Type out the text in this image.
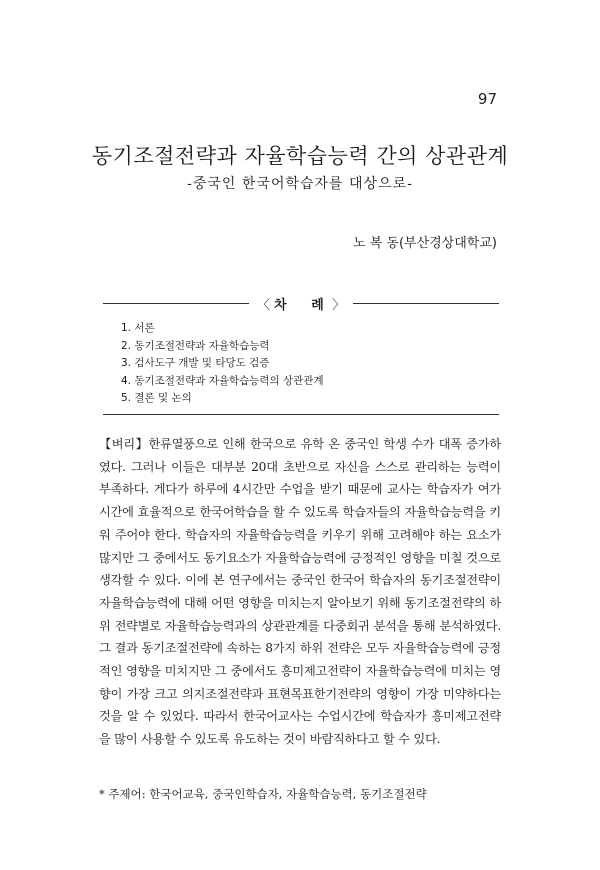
97
동기조절전략과 자율학습능력 간의 상관관계
-중국인 한국어학습자를 대상으로-
노 복 동(부산경상대학교)
〈 차 례 〉
1. 서론
2. 동기조절전략과 자율학습능력
3. 검사도구 개발 및 타당도 검증
4. 동기조절전략과 자율학습능력의 상관관계
5. 결론 및 논의

【벼리】한류열풍으로 인해 한국으로 유학 온 중국인 학생 수가 대폭 증가하였다. 그러나 이들은 대부분 20대 초반으로 자신을 스스로 관리하는 능력이 부족하다. 게다가 하루에 4시간만 수업을 받기 때문에 교사는 학습자가 여가시간에 효율적으로 한국어학습을 할 수 있도록 학습자들의 자율학습능력을 키워 주어야 한다. 학습자의 자율학습능력을 키우기 위해 고려해야 하는 요소가 많지만 그 중에서도 동기요소가 자율학습능력에 긍정적인 영향을 미칠 것으로 생각할 수 있다. 이에 본 연구에서는 중국인 한국어 학습자의 동기조절전략이 자율학습능력에 대해 어떤 영향을 미치는지 알아보기 위해 동기조절전략의 하위 전략별로 자율학습능력과의 상관관계를 다중회귀 분석을 통해 분석하였다. 그 결과 동기조절전략에 속하는 8가지 하위 전략은 모두 자율학습능력에 긍정적인 영향을 미치지만 그 중에서도 흥미제고전략이 자율학습능력에 미치는 영향이 가장 크고 의지조절전략과 표현목표한기전략의 영향이 가장 미약하다는 것을 알 수 있었다. 따라서 한국어교사는 수업시간에 학습자가 흥미제고전략을 많이 사용할 수 있도록 유도하는 것이 바람직하다고 할 수 있다.

* 주제어: 한국어교육, 중국인학습자, 자율학습능력, 동기조절전략
